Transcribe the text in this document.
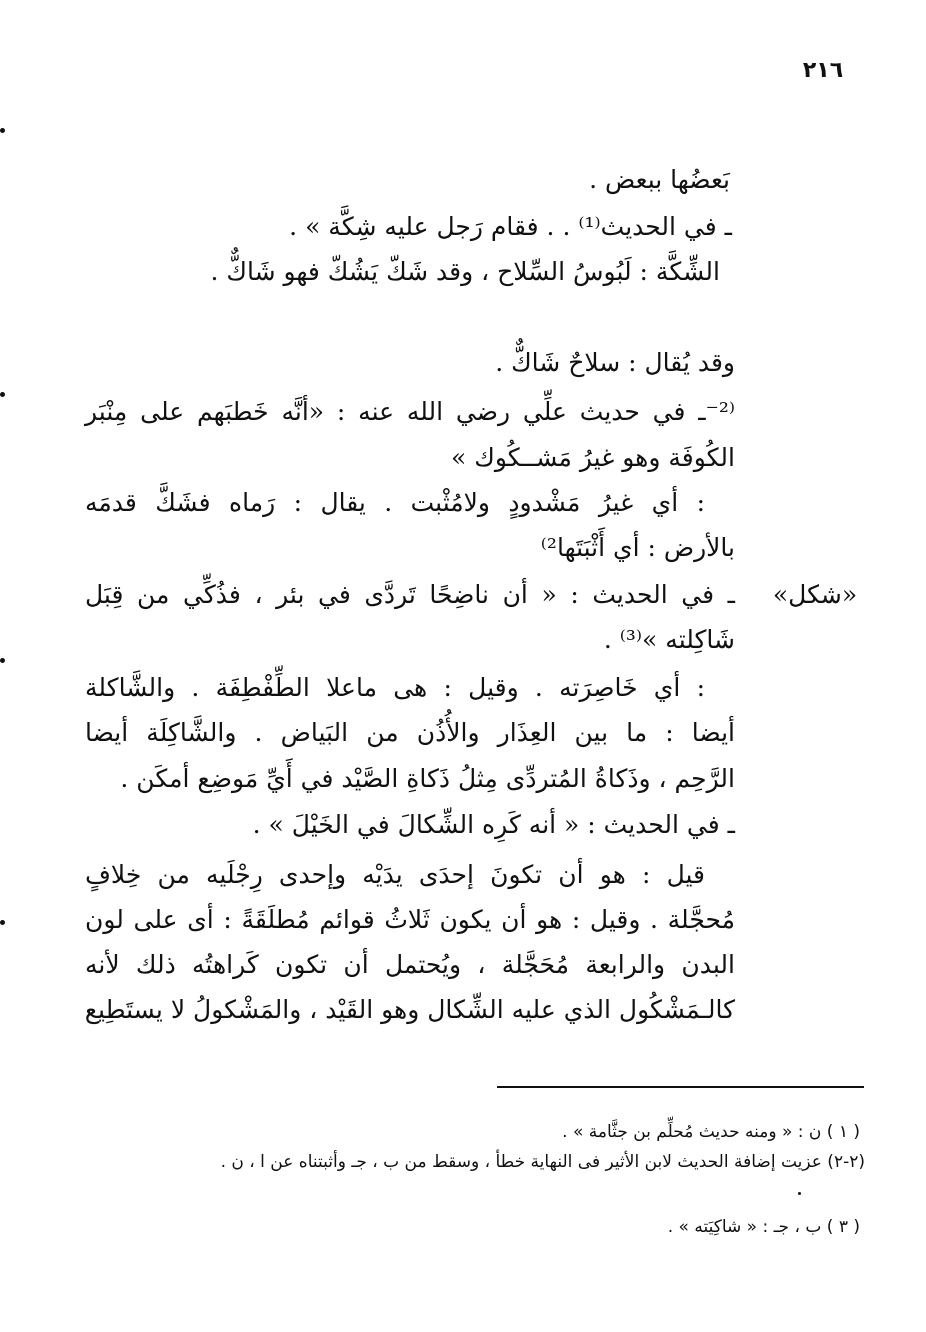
٢١٦
بَعضُها ببعض .
ـ في الحديث⁽¹⁾ . . فقام رَجل عليه شِكَّة » .
الشِّكَّة : لَبُوسُ السِّلاح ، وقد شَكّ يَشُكّ فهو شَاكٌّ .
وقد يُقال : سلاحٌ شَاكٌّ .
⁽²⁻ـ في حديث علِّي رضي الله عنه : «أنَّه خَطبَهم على مِنْبَر
الكُوفَة وهو غيرُ مَشــكُوك »
: أي غيرُ مَشْدودٍ ولامُثْبت . يقال : رَماه فشَكَّ قدمَه
بالأرض : أي أَثْبَتَها²⁾
ـ في الحديث : « أن ناضِحًا تَردَّى في بئر ، فذُكِّي من قِبَل
شَاكِلته »⁽³⁾ .
: أي خَاصِرَته . وقيل : هى ماعلا الطِّفْطِفَة . والشَّاكلة
أيضا : ما بين العِذَار والأُذُن من البَياض . والشَّاكِلَة أيضا
الرَّحِم ، وذَكاةُ المُتردِّى مِثلُ ذَكاةِ الصَّيْد في أَيِّ مَوضِع أمكَن .
ـ في الحديث : « أنه كَرِه الشِّكالَ في الخَيْلَ » .
قيل : هو أن تكونَ إحدَى يدَيْه وإحدى رِجْلَيه من خِلافٍ
مُحجَّلة . وقيل : هو أن يكون ثَلاثُ قوائم مُطلَقَةً : أى على لون
البدن والرابعة مُحَجَّلة ، ويُحتمل أن تكون كَراهتُه ذلك لأنه
كالـمَشْكُول الذي عليه الشِّكال وهو القَيْد ، والمَشْكولُ لا يستَطِيع
«شكل»
( ١ ) ن : « ومنه حديث مُحلِّم بن جثَّامة » .
(٢-٢) عزيت إضافة الحديث لابن الأثير فى النهاية خطأ ، وسقط من ب ، جـ وأثبتناه عن ا ، ن .
( ٣ ) ب ، جـ : « شاكِيَته » .
